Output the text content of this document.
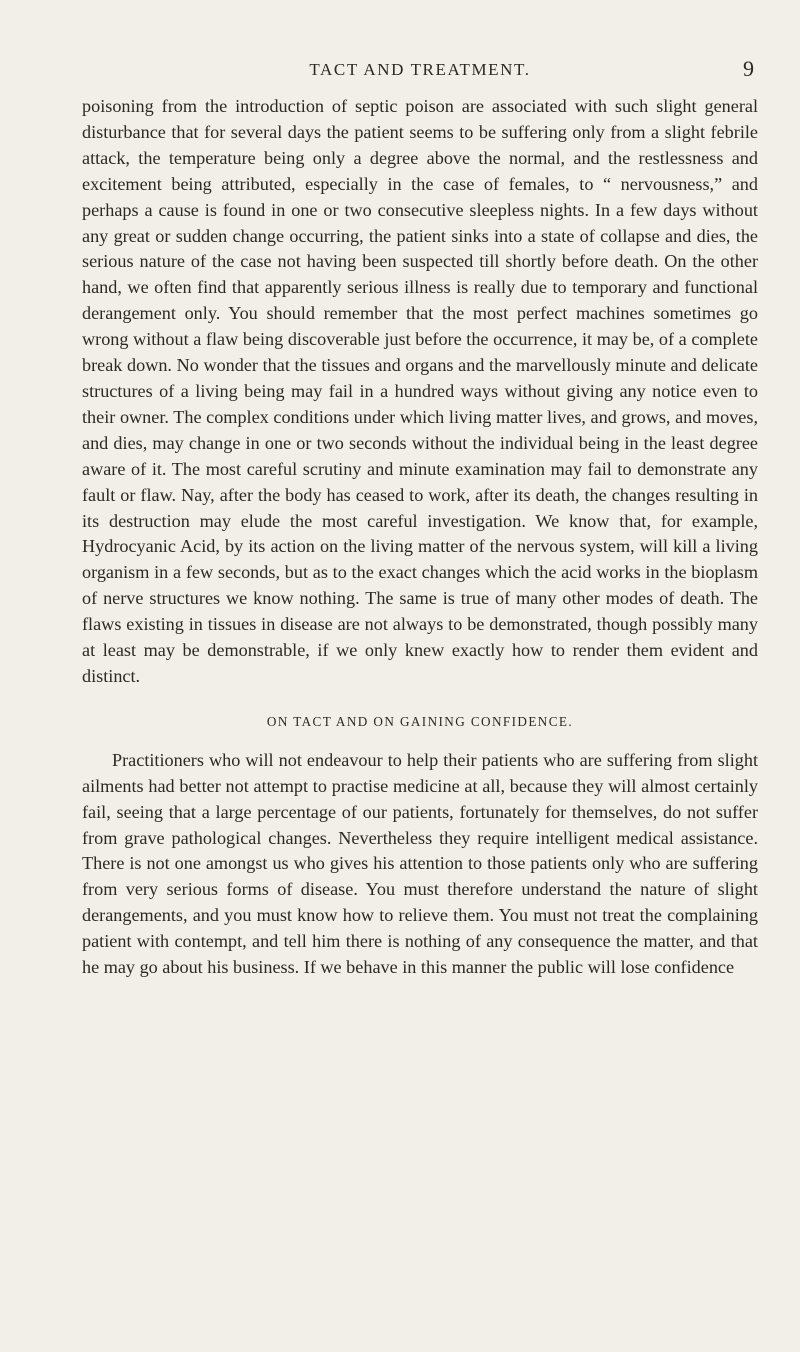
TACT AND TREATMENT.	9

poisoning from the introduction of septic poison are associated with such slight general disturbance that for several days the patient seems to be suffering only from a slight febrile attack, the temperature being only a degree above the normal, and the restlessness and excitement being attributed, especially in the case of females, to “ nervousness,” and perhaps a cause is found in one or two consecutive sleepless nights. In a few days without any great or sudden change occurring, the patient sinks into a state of collapse and dies, the serious nature of the case not having been suspected till shortly before death. On the other hand, we often find that apparently serious illness is really due to temporary and functional derangement only. You should remember that the most perfect machines sometimes go wrong without a flaw being discoverable just before the occurrence, it may be, of a complete break down. No wonder that the tissues and organs and the marvellously minute and delicate structures of a living being may fail in a hundred ways without giving any notice even to their owner. The complex conditions under which living matter lives, and grows, and moves, and dies, may change in one or two seconds without the individual being in the least degree aware of it. The most careful scrutiny and minute examination may fail to demonstrate any fault or flaw. Nay, after the body has ceased to work, after its death, the changes resulting in its destruction may elude the most careful investigation. We know that, for example, Hydrocyanic Acid, by its action on the living matter of the nervous system, will kill a living organism in a few seconds, but as to the exact changes which the acid works in the bioplasm of nerve structures we know nothing. The same is true of many other modes of death. The flaws existing in tissues in disease are not always to be demonstrated, though possibly many at least may be demonstrable, if we only knew exactly how to render them evident and distinct.

ON TACT AND ON GAINING CONFIDENCE.

Practitioners who will not endeavour to help their patients who are suffering from slight ailments had better not attempt to practise medicine at all, because they will almost certainly fail, seeing that a large percentage of our patients, fortunately for themselves, do not suffer from grave pathological changes. Nevertheless they require intelligent medical assistance. There is not one amongst us who gives his attention to those patients only who are suffering from very serious forms of disease. You must therefore understand the nature of slight derangements, and you must know how to relieve them. You must not treat the complaining patient with contempt, and tell him there is nothing of any consequence the matter, and that he may go about his business. If we behave in this manner the public will lose confidence
